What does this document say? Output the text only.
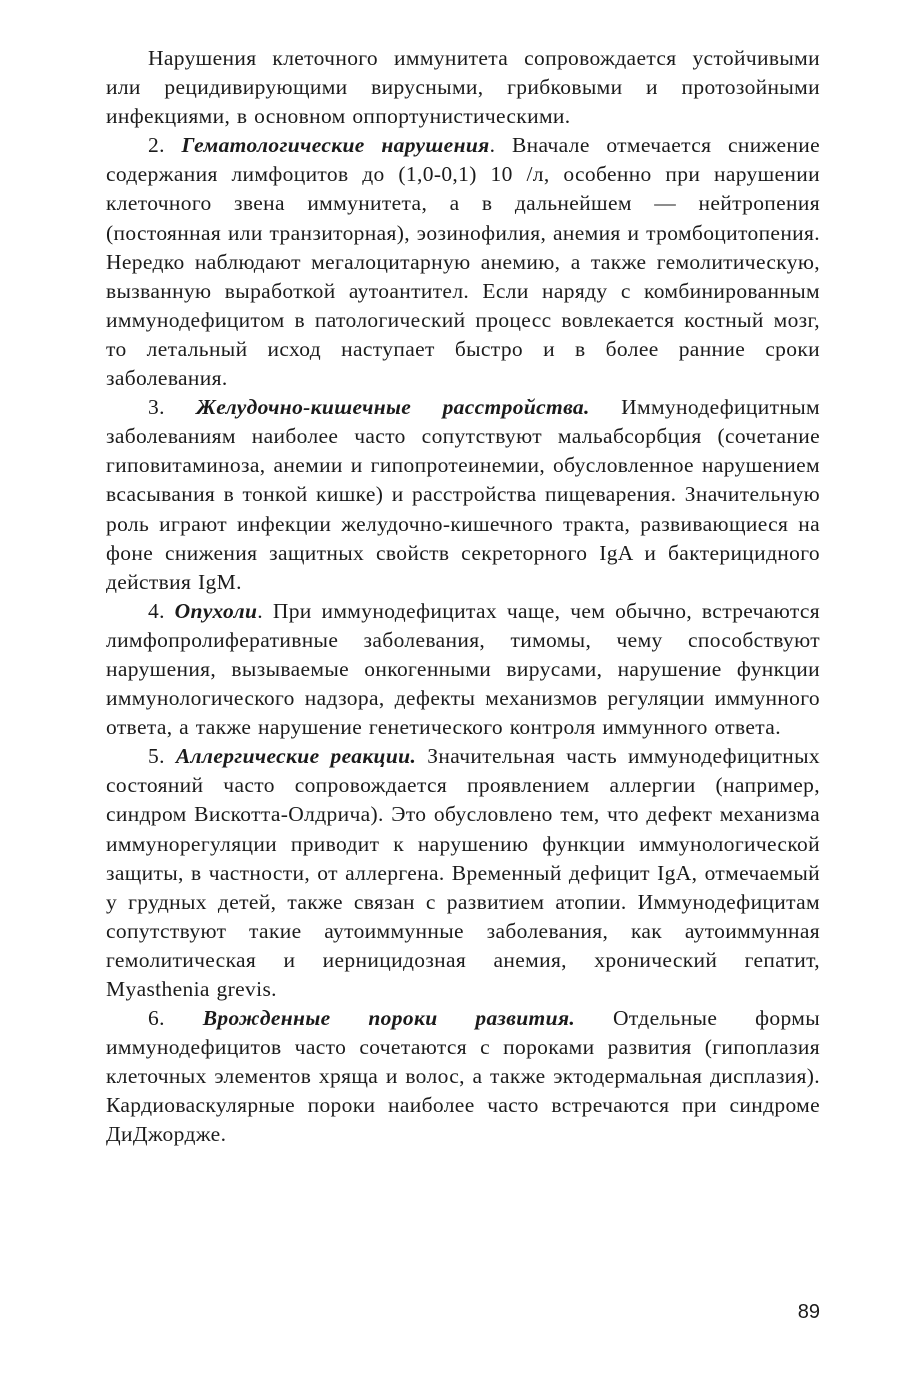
Нарушения клеточного иммунитета сопровождается устойчивыми или рецидивирующими вирусными, грибковыми и протозойными инфекциями, в основном оппортунистическими.

2. Гематологические нарушения. Вначале отмечается снижение содержания лимфоцитов до (1,0-0,1) 10 /л, особенно при нарушении клеточного звена иммунитета, а в дальнейшем — нейтропения (постоянная или транзиторная), эозинофилия, анемия и тромбоцитопения. Нередко наблюдают мегалоцитарную анемию, а также гемолитическую, вызванную выработкой аутоантител. Если наряду с комбинированным иммунодефицитом в патологический процесс вовлекается костный мозг, то летальный исход наступает быстро и в более ранние сроки заболевания.

3. Желудочно-кишечные расстройства. Иммунодефицитным заболеваниям наиболее часто сопутствуют мальабсорбция (сочетание гиповитаминоза, анемии и гипопротеинемии, обусловленное нарушением всасывания в тонкой кишке) и расстройства пищеварения. Значительную роль играют инфекции желудочно-кишечного тракта, развивающиеся на фоне снижения защитных свойств секреторного IgA и бактерицидного действия IgM.

4. Опухоли. При иммунодефицитах чаще, чем обычно, встречаются лимфопролиферативные заболевания, тимомы, чему способствуют нарушения, вызываемые онкогенными вирусами, нарушение функции иммунологического надзора, дефекты механизмов регуляции иммунного ответа, а также нарушение генетического контроля иммунного ответа.

5. Аллергические реакции. Значительная часть иммунодефицитных состояний часто сопровождается проявлением аллергии (например, синдром Вискотта-Олдрича). Это обусловлено тем, что дефект механизма иммунорегуляции приводит к нарушению функции иммунологической защиты, в частности, от аллергена. Временный дефицит IgA, отмечаемый у грудных детей, также связан с развитием атопии. Иммунодефицитам сопутствуют такие аутоиммунные заболевания, как аутоиммунная гемолитическая и иерницидозная анемия, хронический гепатит, Myasthenia grevis.

6. Врожденные пороки развития. Отдельные формы иммунодефицитов часто сочетаются с пороками развития (гипоплазия клеточных элементов хряща и волос, а также эктодермальная дисплазия). Кардиоваскулярные пороки наиболее часто встречаются при синдроме ДиДжордже.

89
